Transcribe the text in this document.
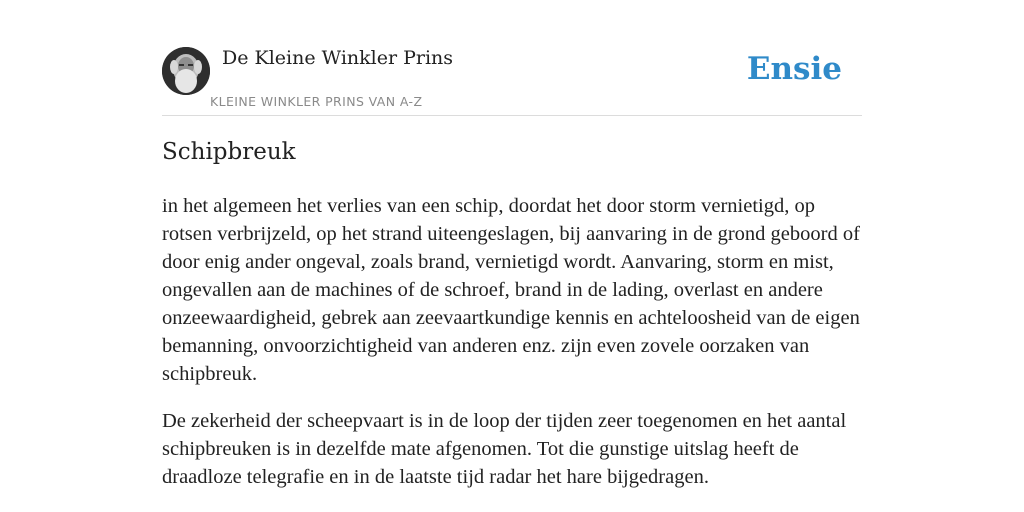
De Kleine Winkler Prins
KLEINE WINKLER PRINS VAN A-Z
Ensie
Schipbreuk

in het algemeen het verlies van een schip, doordat het door storm vernietigd, op rotsen verbrijzeld, op het strand uiteengeslagen, bij aanvaring in de grond geboord of door enig ander ongeval, zoals brand, vernietigd wordt. Aanvaring, storm en mist, ongevallen aan de machines of de schroef, brand in de lading, overlast en andere onzeewaardigheid, gebrek aan zeevaartkundige kennis en achteloosheid van de eigen bemanning, onvoorzichtigheid van anderen enz. zijn even zovele oorzaken van schipbreuk.

De zekerheid der scheepvaart is in de loop der tijden zeer toegenomen en het aantal schipbreuken is in dezelfde mate afgenomen. Tot die gunstige uitslag heeft de draadloze telegrafie en in de laatste tijd radar het hare bijgedragen.
